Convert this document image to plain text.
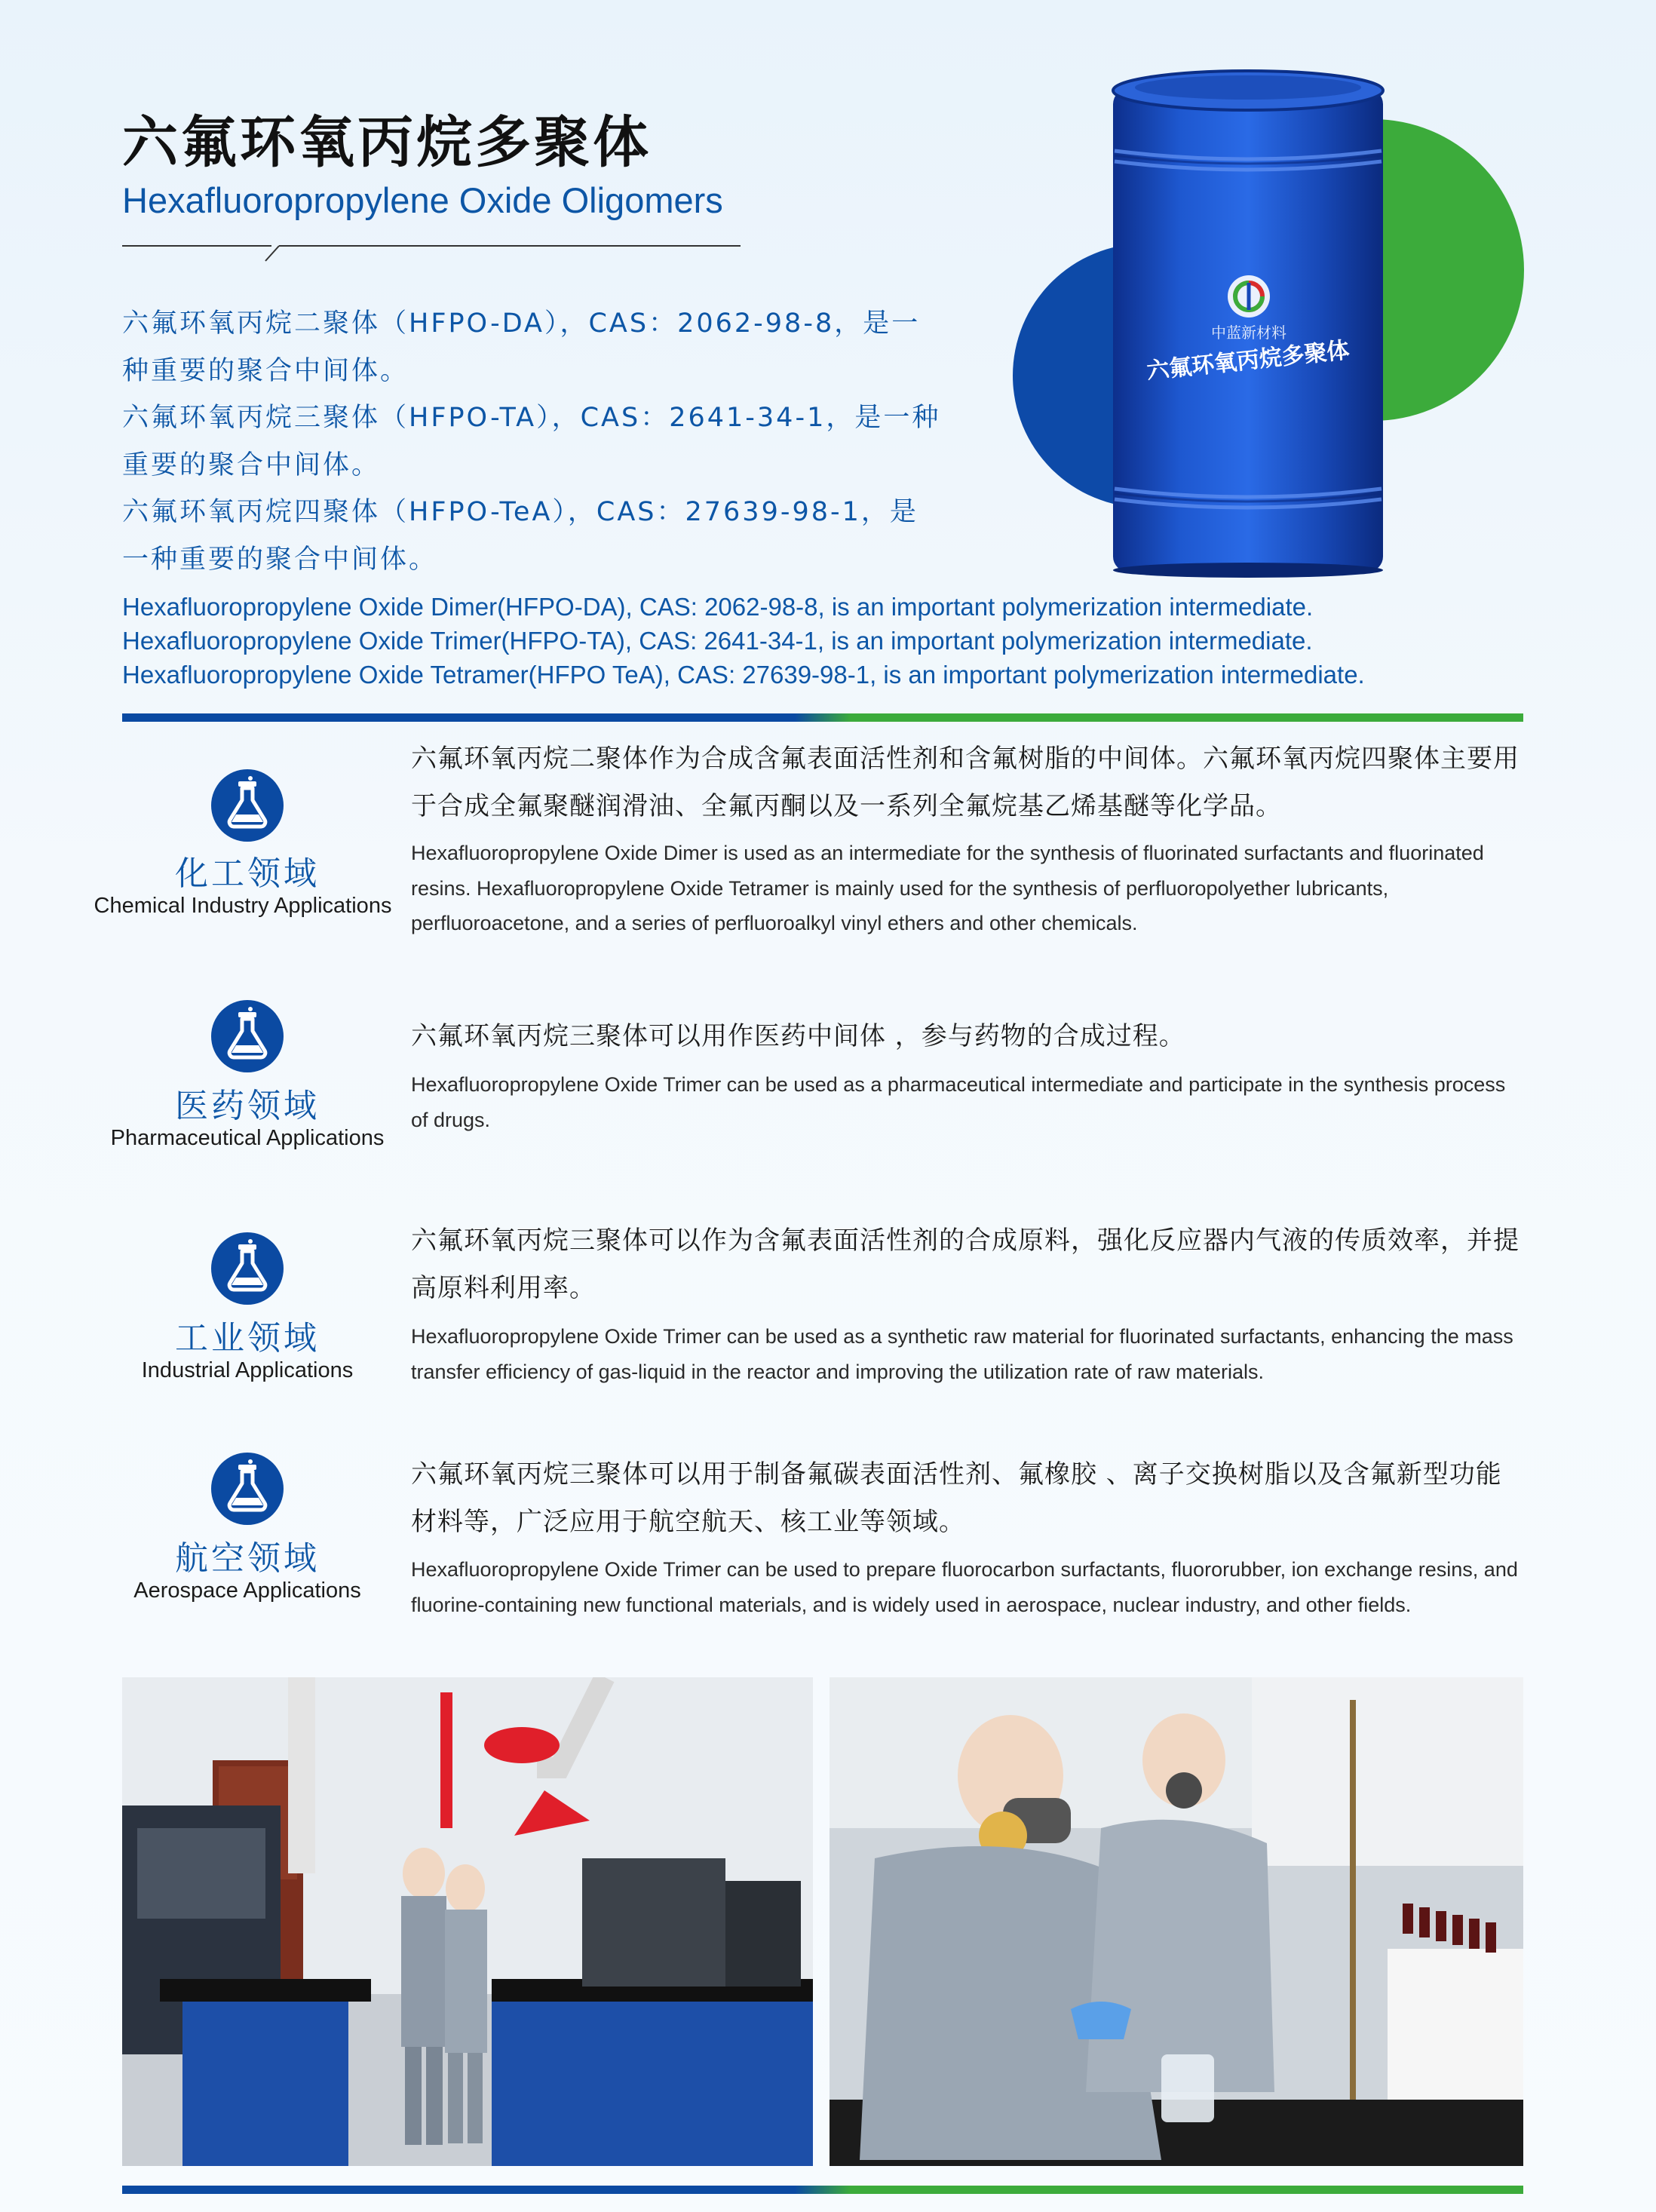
六氟环氧丙烷多聚体
Hexafluoropropylene Oxide Oligomers

六氟环氧丙烷二聚体（HFPO-DA），CAS：2062-98-8，是一种重要的聚合中间体。

六氟环氧丙烷三聚体（HFPO-TA），CAS：2641-34-1，是一种重要的聚合中间体。

六氟环氧丙烷四聚体（HFPO-TeA），CAS：27639-98-1，是一种重要的聚合中间体。

Hexafluoropropylene Oxide Dimer(HFPO-DA), CAS: 2062-98-8, is an important polymerization intermediate.

Hexafluoropropylene Oxide Trimer(HFPO-TA), CAS: 2641-34-1, is an important polymerization intermediate.

Hexafluoropropylene Oxide Tetramer(HFPO TeA), CAS: 27639-98-1, is an important polymerization intermediate.

中蓝新材料
六氟环氧丙烷多聚体
化工领域
Chemical Industry Applications
六氟环氧丙烷二聚体作为合成含氟表面活性剂和含氟树脂的中间体。六氟环氧丙烷四聚体主要用于合成全氟聚醚润滑油、全氟丙酮以及一系列全氟烷基乙烯基醚等化学品。
Hexafluoropropylene Oxide Dimer is used as an intermediate for the synthesis of fluorinated surfactants and fluorinated resins. Hexafluoropropylene Oxide Tetramer is mainly used for the synthesis of perfluoropolyether lubricants, perfluoroacetone, and a series of perfluoroalkyl vinyl ethers and other chemicals.
医药领域
Pharmaceutical Applications
六氟环氧丙烷三聚体可以用作医药中间体 ，参与药物的合成过程。
Hexafluoropropylene Oxide Trimer can be used as a pharmaceutical intermediate and participate in the synthesis process of drugs.
工业领域
Industrial Applications
六氟环氧丙烷三聚体可以作为含氟表面活性剂的合成原料，强化反应器内气液的传质效率，并提高原料利用率。
Hexafluoropropylene Oxide Trimer can be used as a synthetic raw material for fluorinated surfactants, enhancing the mass transfer efficiency of gas-liquid in the reactor and improving the utilization rate of raw materials.
航空领域
Aerospace Applications
六氟环氧丙烷三聚体可以用于制备氟碳表面活性剂、氟橡胶 、离子交换树脂以及含氟新型功能材料等，广泛应用于航空航天、核工业等领域。
Hexafluoropropylene Oxide Trimer can be used to prepare fluorocarbon surfactants, fluororubber, ion exchange resins, and fluorine-containing new functional materials, and is widely used in aerospace, nuclear industry, and other fields.
